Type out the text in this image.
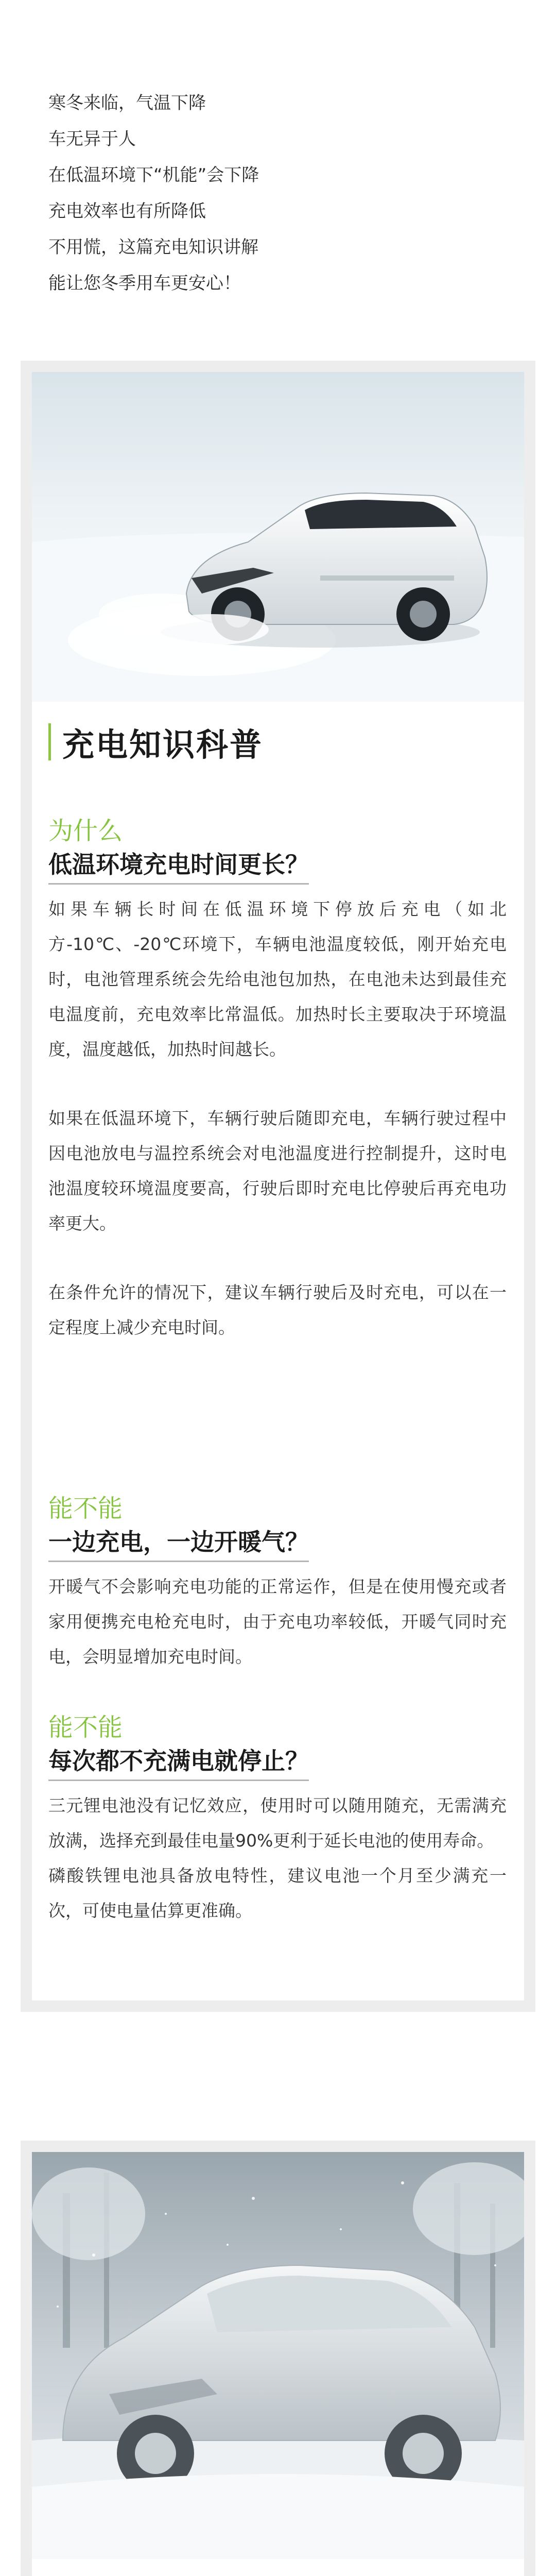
寒冬来临，气温下降

车无异于人

在低温环境下“机能”会下降

充电效率也有所降低

不用慌，这篇充电知识讲解

能让您冬季用车更安心！

充电知识科普

为什么

低温环境充电时间更长？

如果车辆长时间在低温环境下停放后充电（如北方-10℃、-20℃环境下，车辆电池温度较低，刚开始充电时，电池管理系统会先给电池包加热，在电池未达到最佳充电温度前，充电效率比常温低。加热时长主要取决于环境温度，温度越低，加热时间越长。

如果在低温环境下，车辆行驶后随即充电，车辆行驶过程中因电池放电与温控系统会对电池温度进行控制提升，这时电池温度较环境温度要高，行驶后即时充电比停驶后再充电功率更大。

在条件允许的情况下，建议车辆行驶后及时充电，可以在一定程度上减少充电时间。

能不能

一边充电，一边开暖气？

开暖气不会影响充电功能的正常运作，但是在使用慢充或者家用便携充电枪充电时，由于充电功率较低，开暖气同时充电，会明显增加充电时间。

能不能

每次都不充满电就停止？

三元锂电池没有记忆效应，使用时可以随用随充，无需满充放满，选择充到最佳电量90%更利于延长电池的使用寿命。

磷酸铁锂电池具备放电特性，建议电池一个月至少满充一次，可使电量估算更准确。
